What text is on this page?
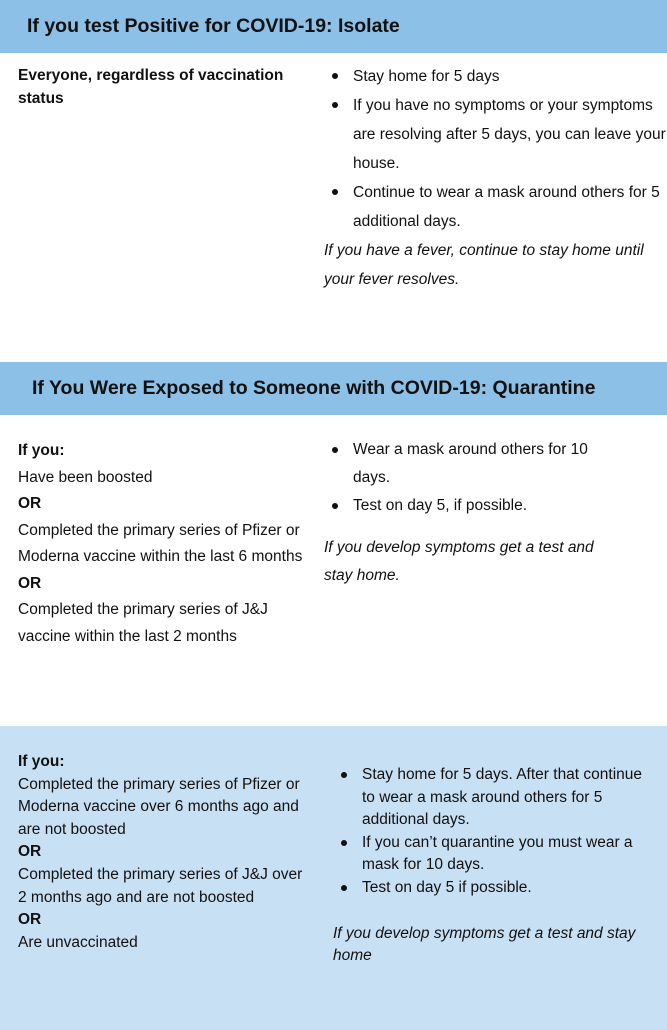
If you test Positive for COVID-19: Isolate
Everyone, regardless of vaccination status
Stay home for 5 days
If you have no symptoms or your symptoms are resolving after 5 days, you can leave your house.
Continue to wear a mask around others for 5 additional days.
If you have a fever, continue to stay home until your fever resolves.
If You Were Exposed to Someone with COVID-19: Quarantine
If you:
Have been boosted
OR
Completed the primary series of Pfizer or Moderna vaccine within the last 6 months
OR
Completed the primary series of J&J vaccine within the last 2 months
Wear a mask around others for 10 days.
Test on day 5, if possible.
If you develop symptoms get a test and stay home.
If you:
Completed the primary series of Pfizer or Moderna vaccine over 6 months ago and are not boosted
OR
Completed the primary series of J&J over 2 months ago and are not boosted
OR
Are unvaccinated
Stay home for 5 days. After that continue to wear a mask around others for 5 additional days.
If you can’t quarantine you must wear a mask for 10 days.
Test on day 5 if possible.
If you develop symptoms get a test and stay home
